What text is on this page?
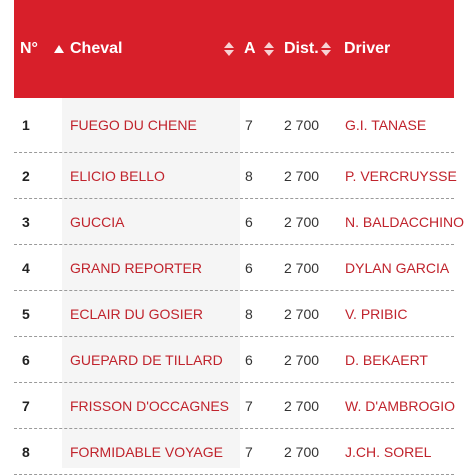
N° Cheval	A Dist. Driver
1	FUEGO DU CHENE	7 2 700 G.I. TANASE
2	ELICIO BELLO	8 2 700 P. VERCRUYSSE
3	GUCCIA	6 2 700 N. BALDACCHINO
4	GRAND REPORTER	6 2 700 DYLAN GARCIA
5	ECLAIR DU GOSIER	8 2 700 V. PRIBIC
6	GUEPARD DE TILLARD 6 2 700 D. BEKAERT
7	FRISSON D'OCCAGNES 7 2 700 W. D'AMBROGIO
8	FORMIDABLE VOYAGE 7 2 700 J.CH. SOREL
